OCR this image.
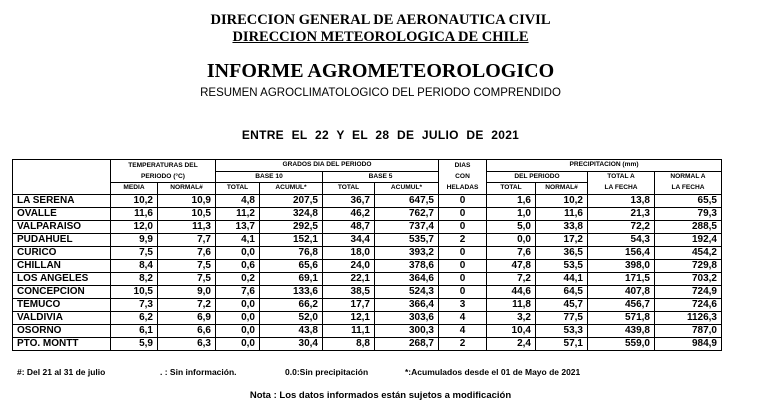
DIRECCION GENERAL DE AERONAUTICA CIVIL
DIRECCION METEOROLOGICA DE CHILE
INFORME AGROMETEOROLOGICO
RESUMEN AGROCLIMATOLOGICO DEL PERIODO COMPRENDIDO
ENTRE EL 22 Y EL 28 DE JULIO DE 2021
	TEMPERATURAS DEL		GRADOS DIA DEL PERIODO				DIAS	PRECIPITACION (mm)			
	PERIODO (°C)		BASE 10		BASE 5		CON	DEL PERIODO		TOTAL A	NORMAL A
	MEDIA	NORMAL#	TOTAL	ACUMUL*	TOTAL	ACUMUL*	HELADAS	TOTAL	NORMAL#	LA FECHA	LA FECHA
LA SERENA	10,2	10,9	4,8	207,5	36,7	647,5	0	1,6	10,2	13,8	65,5
OVALLE	11,6	10,5	11,2	324,8	46,2	762,7	0	1,0	11,6	21,3	79,3
VALPARAISO	12,0	11,3	13,7	292,5	48,7	737,4	0	5,0	33,8	72,2	288,5
PUDAHUEL	9,9	7,7	4,1	152,1	34,4	535,7	2	0,0	17,2	54,3	192,4
CURICO	7,5	7,6	0,0	76,8	18,0	393,2	0	7,6	36,5	156,4	454,2
CHILLAN	8,4	7,5	0,6	65,6	24,0	378,6	0	47,8	53,5	398,0	729,8
LOS ANGELES	8,2	7,5	0,2	69,1	22,1	364,6	0	7,2	44,1	171,5	703,2
CONCEPCION	10,5	9,0	7,6	133,6	38,5	524,3	0	44,6	64,5	407,8	724,9
TEMUCO	7,3	7,2	0,0	66,2	17,7	366,4	3	11,8	45,7	456,7	724,6
VALDIVIA	6,2	6,9	0,0	52,0	12,1	303,6	4	3,2	77,5	571,8	1126,3
OSORNO	6,1	6,6	0,0	43,8	11,1	300,3	4	10,4	53,3	439,8	787,0
PTO. MONTT	5,9	6,3	0,0	30,4	8,8	268,7	2	2,4	57,1	559,0	984,9
#: Del 21 al 31 de julio	. : Sin información.	0.0:Sin precipitación	*:Acumulados desde el 01 de Mayo de 2021
Nota : Los datos informados están sujetos a modificación
